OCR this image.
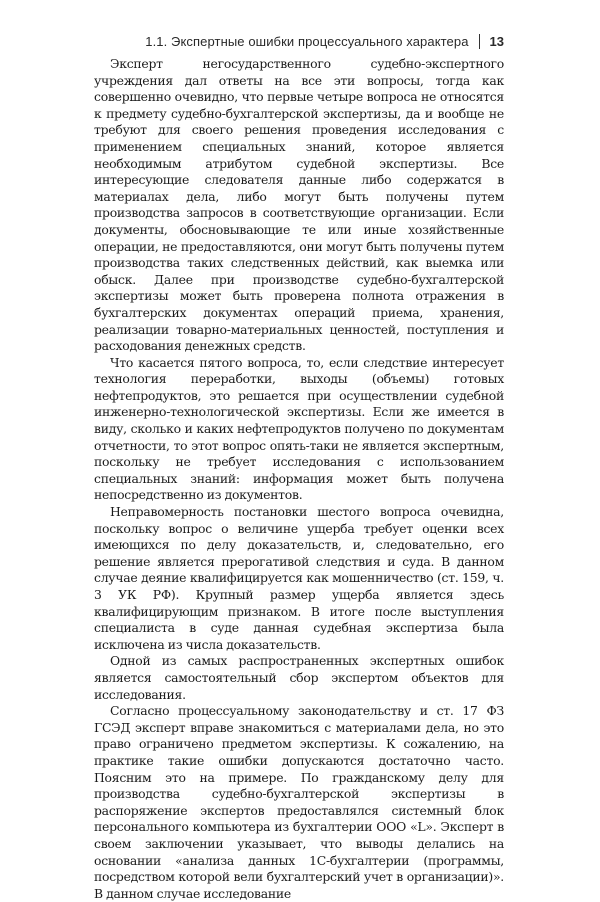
1.1. Экспертные ошибки процессуального характера 13

Эксперт негосударственного судебно-экспертного учреждения дал ответы на все эти вопросы, тогда как совершенно очевидно, что первые четыре вопроса не относятся к предмету судебно-бухгалтерской экспертизы, да и вообще не требуют для своего решения проведения исследования с применением специальных знаний, которое является необходимым атрибутом судебной экспертизы. Все интересующие следователя данные либо содержатся в материалах дела, либо могут быть получены путем производства запросов в соответствующие организации. Если документы, обосновывающие те или иные хозяйственные операции, не предоставляются, они могут быть получены путем производства таких следственных действий, как выемка или обыск. Далее при производстве судебно-бухгалтерской экспертизы может быть проверена полнота отражения в бухгалтерских документах операций приема, хранения, реализации товарно-материальных ценностей, поступления и расходования денежных средств.

Что касается пятого вопроса, то, если следствие интересует технология переработки, выходы (объемы) готовых нефтепродуктов, это решается при осуществлении судебной инженерно-технологической экспертизы. Если же имеется в виду, сколько и каких нефтепродуктов получено по документам отчетности, то этот вопрос опять-таки не является экспертным, поскольку не требует исследования с использованием специальных знаний: информация может быть получена непосредственно из документов.

Неправомерность постановки шестого вопроса очевидна, поскольку вопрос о величине ущерба требует оценки всех имеющихся по делу доказательств, и, следовательно, его решение является прерогативой следствия и суда. В данном случае деяние квалифицируется как мошенничество (ст. 159, ч. 3 УК РФ). Крупный размер ущерба является здесь квалифицирующим признаком. В итоге после выступления специалиста в суде данная судебная экспертиза была исключена из числа доказательств.

Одной из самых распространенных экспертных ошибок является самостоятельный сбор экспертом объектов для исследования.

Согласно процессуальному законодательству и ст. 17 ФЗ ГСЭД эксперт вправе знакомиться с материалами дела, но это право ограничено предметом экспертизы. К сожалению, на практике такие ошибки допускаются достаточно часто. Поясним это на примере. По гражданскому делу для производства судебно-бухгалтерской экспертизы в распоряжение экспертов предоставлялся системный блок персонального компьютера из бухгалтерии ООО «L». Эксперт в своем заключении указывает, что выводы делались на основании «анализа данных 1С-бухгалтерии (программы, посредством которой вели бухгалтерский учет в организации)». В данном случае исследование
